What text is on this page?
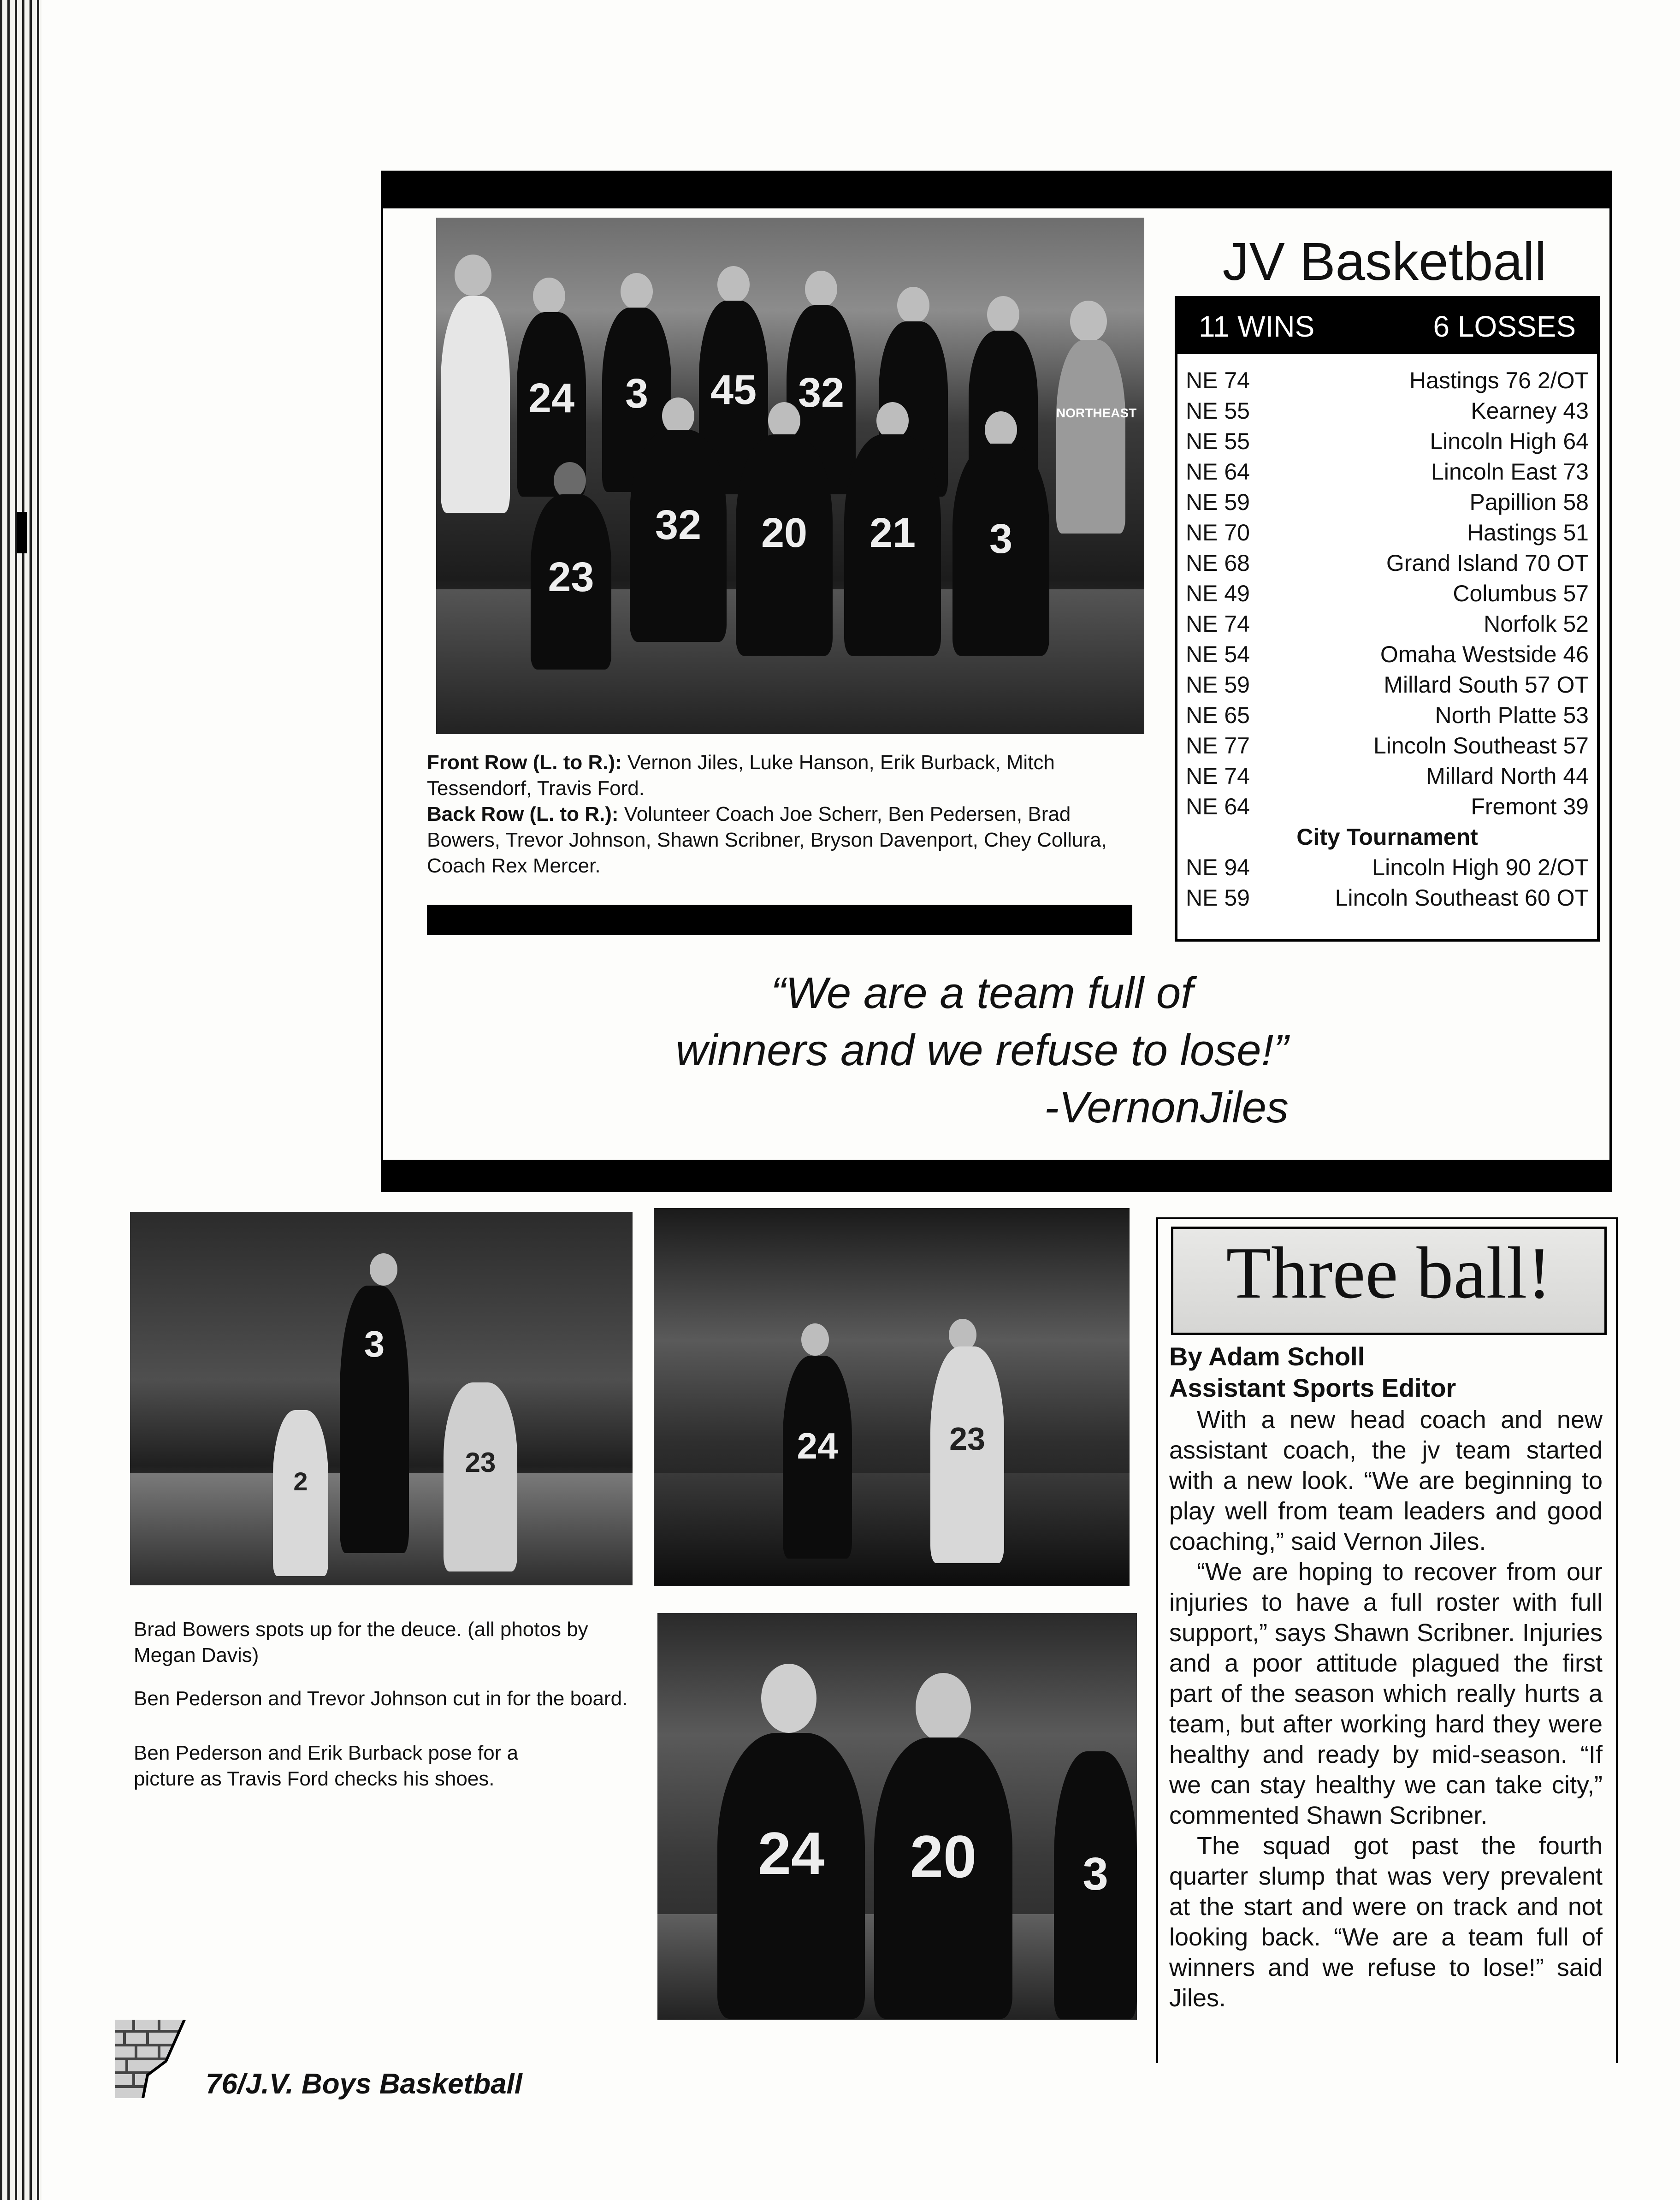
NORTHEAST
24	3	45 32
23
32	20	21	3
Front Row (L. to R.): Vernon Jiles, Luke Hanson, Erik Burback, Mitch Tessendorf, Travis Ford.
Back Row (L. to R.): Volunteer Coach Joe Scherr, Ben Pedersen, Brad Bowers, Trevor Johnson, Shawn Scribner, Bryson Davenport, Chey Collura, Coach Rex Mercer.
JV Basketball
11 WINS	6 LOSSES
NE 74	Hastings 76 2/OT
NE 55	Kearney 43
NE 55	Lincoln High 64
NE 64	Lincoln East 73
NE 59	Papillion 58
NE 70	Hastings 51
NE 68	Grand Island 70 OT
NE 49	Columbus 57
NE 74	Norfolk 52
NE 54	Omaha Westside 46
NE 59	Millard South 57 OT
NE 65	North Platte 53
NE 77	Lincoln Southeast 57
NE 74	Millard North 44
NE 64	Fremont 39
City Tournament
NE 94	Lincoln High 90 2/OT
NE 59	Lincoln Southeast 60 OT
“We are a team full of
winners and we refuse to lose!”
-VernonJiles
3
2
23	24	23
Brad Bowers spots up for the deuce. (all photos by Megan Davis)
Ben Pederson and Trevor Johnson cut in for the board.
Ben Pederson and Erik Burback pose for a picture as Travis Ford checks his shoes.
24	20	3
Three ball!
By Adam Scholl
Assistant Sports Editor

With a new head coach and new assistant coach, the jv team started with a new look. “We are beginning to play well from team leaders and good coaching,” said Vernon Jiles.

“We are hoping to recover from our injuries to have a full roster with full support,” says Shawn Scribner. Injuries and a poor attitude plagued the first part of the season which really hurts a team, but after working hard they were healthy and ready by mid-season. “If we can stay healthy we can take city,” commented Shawn Scribner.

The squad got past the fourth quarter slump that was very prevalent at the start and were on track and not looking back. “We are a team full of winners and we refuse to lose!” said Jiles.

76/J.V. Boys Basketball
